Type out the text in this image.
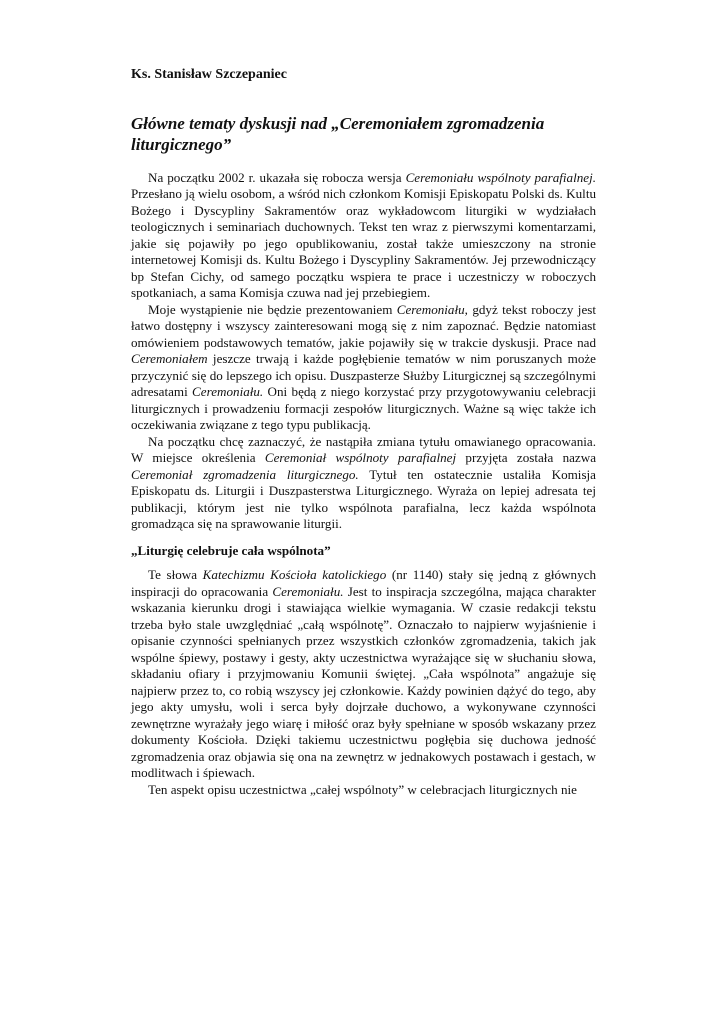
Ks. Stanisław Szczepaniec

Główne tematy dyskusji nad „Ceremoniałem zgromadzenia liturgicznego”

Na początku 2002 r. ukazała się robocza wersja Ceremoniału wspólnoty parafialnej. Przesłano ją wielu osobom, a wśród nich członkom Komisji Episkopatu Polski ds. Kultu Bożego i Dyscypliny Sakramentów oraz wykładowcom liturgiki w wydziałach teologicznych i seminariach duchownych. Tekst ten wraz z pierwszymi komentarzami, jakie się pojawiły po jego opublikowaniu, został także umieszczony na stronie internetowej Komisji ds. Kultu Bożego i Dyscypliny Sakramentów. Jej przewodniczący bp Stefan Cichy, od samego początku wspiera te prace i uczestniczy w roboczych spotkaniach, a sama Komisja czuwa nad jej przebiegiem.

Moje wystąpienie nie będzie prezentowaniem Ceremoniału, gdyż tekst roboczy jest łatwo dostępny i wszyscy zainteresowani mogą się z nim zapoznać. Będzie natomiast omówieniem podstawowych tematów, jakie pojawiły się w trakcie dyskusji. Prace nad Ceremoniałem jeszcze trwają i każde pogłębienie tematów w nim poruszanych może przyczynić się do lepszego ich opisu. Duszpasterze Służby Liturgicznej są szczególnymi adresatami Ceremoniału. Oni będą z niego korzystać przy przygotowywaniu celebracji liturgicznych i prowadzeniu formacji zespołów liturgicznych. Ważne są więc także ich oczekiwania związane z tego typu publikacją.

Na początku chcę zaznaczyć, że nastąpiła zmiana tytułu omawianego opracowania. W miejsce określenia Ceremoniał wspólnoty parafialnej przyjęta została nazwa Ceremoniał zgromadzenia liturgicznego. Tytuł ten ostatecznie ustaliła Komisja Episkopatu ds. Liturgii i Duszpasterstwa Liturgicznego. Wyraża on lepiej adresata tej publikacji, którym jest nie tylko wspólnota parafialna, lecz każda wspólnota gromadząca się na sprawowanie liturgii.

„Liturgię celebruje cała wspólnota”

Te słowa Katechizmu Kościoła katolickiego (nr 1140) stały się jedną z głównych inspiracji do opracowania Ceremoniału. Jest to inspiracja szczególna, mająca charakter wskazania kierunku drogi i stawiająca wielkie wymagania. W czasie redakcji tekstu trzeba było stale uwzględniać „całą wspólnotę”. Oznaczało to najpierw wyjaśnienie i opisanie czynności spełnianych przez wszystkich członków zgromadzenia, takich jak wspólne śpiewy, postawy i gesty, akty uczestnictwa wyrażające się w słuchaniu słowa, składaniu ofiary i przyjmowaniu Komunii świętej. „Cała wspólnota” angażuje się najpierw przez to, co robią wszyscy jej członkowie. Każdy powinien dążyć do tego, aby jego akty umysłu, woli i serca były dojrzałe duchowo, a wykonywane czynności zewnętrzne wyrażały jego wiarę i miłość oraz były spełniane w sposób wskazany przez dokumenty Kościoła. Dzięki takiemu uczestnictwu pogłębia się duchowa jedność zgromadzenia oraz objawia się ona na zewnętrz w jednakowych postawach i gestach, w modlitwach i śpiewach.

Ten aspekt opisu uczestnictwa „całej wspólnoty” w celebracjach liturgicznych nie
